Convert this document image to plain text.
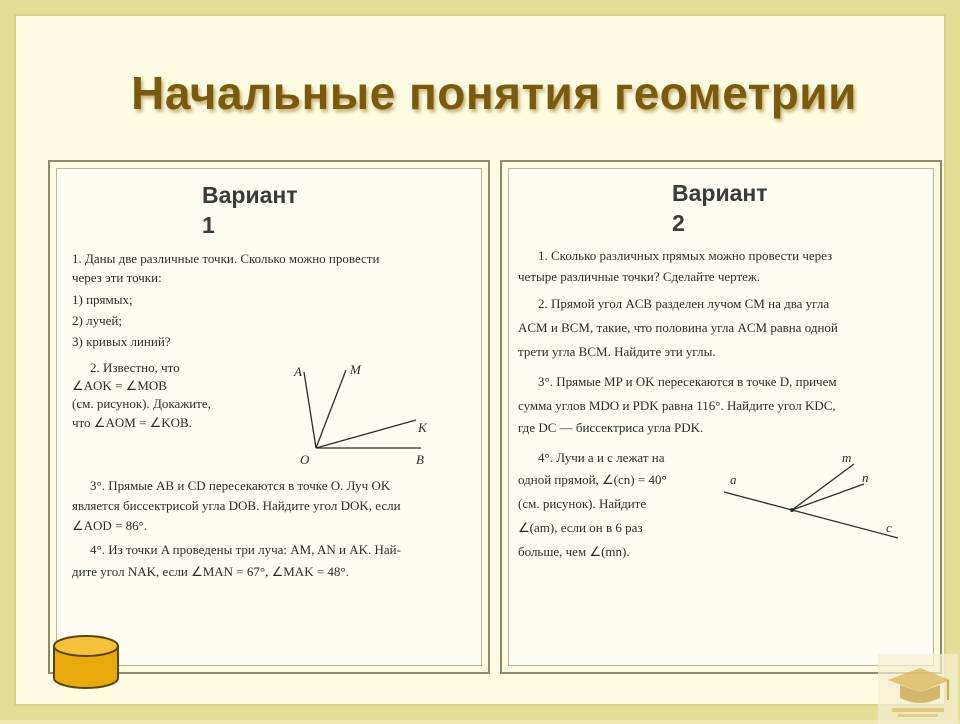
Начальные понятия геометрии
Вариант
1
1. Даны две различные точки. Сколько можно провести
через эти точки:
1) прямых;
2) лучей;
3) кривых линий?
2. Известно, что
∠AOK = ∠MOB
(см. рисунок). Докажите,
что ∠AOM = ∠KOB.
3°. Прямые AB и CD пересекаются в точке O. Луч OK
является биссектрисой угла DOB. Найдите угол DOK, если
∠AOD = 86°.
4°. Из точки A проведены три луча: AM, AN и AK. Най-
дите угол NAK, если ∠MAN = 67°, ∠MAK = 48°.
A	M
K
O	B
Вариант
2
1. Сколько различных прямых можно провести через
четыре различные точки? Сделайте чертеж.
2. Прямой угол ACB разделен лучом CM на два угла
ACM и BCM, такие, что половина угла ACM равна одной
трети угла BCM. Найдите эти углы.
3°. Прямые MP и OK пересекаются в точке D, причем
сумма углов MDO и PDK равна 116°. Найдите угол KDC,
где DC — биссектриса угла PDK.
4°. Лучи a и c лежат на
одной прямой, ∠(cn) = 40°
(см. рисунок). Найдите
∠(am), если он в 6 раз
больше, чем ∠(mn).
a
m
n
c
